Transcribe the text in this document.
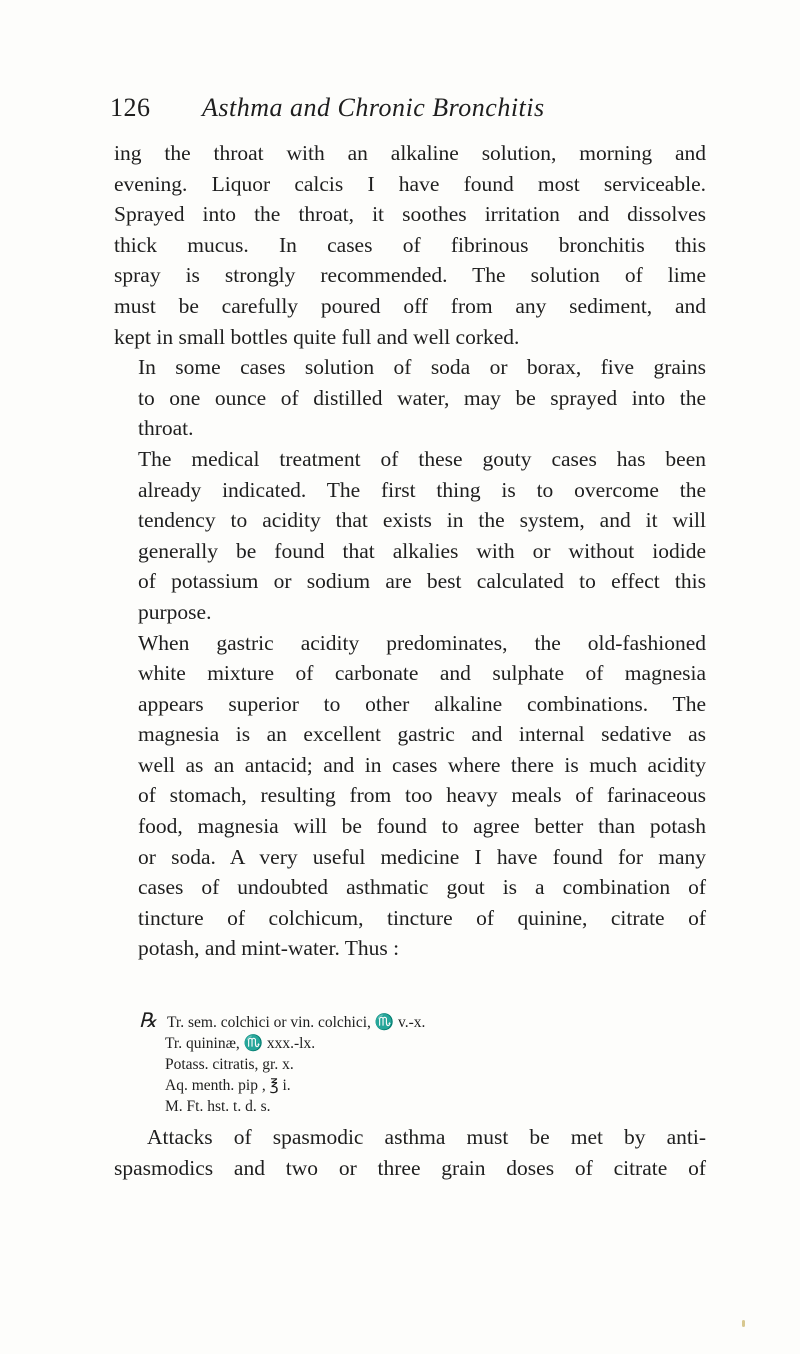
126 Asthma and Chronic Bronchitis
ing the throat with an alkaline solution, morning and
evening. Liquor calcis I have found most serviceable.
Sprayed into the throat, it soothes irritation and dissolves
thick mucus. In cases of fibrinous bronchitis this
spray is strongly recommended. The solution of lime
must be carefully poured off from any sediment, and
kept in small bottles quite full and well corked.
In some cases solution of soda or borax, five grains
to one ounce of distilled water, may be sprayed into the
throat.
The medical treatment of these gouty cases has been
already indicated. The first thing is to overcome the
tendency to acidity that exists in the system, and it will
generally be found that alkalies with or without iodide
of potassium or sodium are best calculated to effect this
purpose.
When gastric acidity predominates, the old-fashioned
white mixture of carbonate and sulphate of magnesia
appears superior to other alkaline combinations. The
magnesia is an excellent gastric and internal sedative as
well as an antacid; and in cases where there is much acidity
of stomach, resulting from too heavy meals of farinaceous
food, magnesia will be found to agree better than potash
or soda. A very useful medicine I have found for many
cases of undoubted asthmatic gout is a combination of
tincture of colchicum, tincture of quinine, citrate of
potash, and mint-water. Thus :
℞ Tr. sem. colchici or vin. colchici, ♏ v.-x.
Tr. quininæ, ♏ xxx.-lx.
Potass. citratis, gr. x.
Aq. menth. pip , ℥ i.
M. Ft. hst. t. d. s.
Attacks of spasmodic asthma must be met by anti-
spasmodics and two or three grain doses of citrate of
